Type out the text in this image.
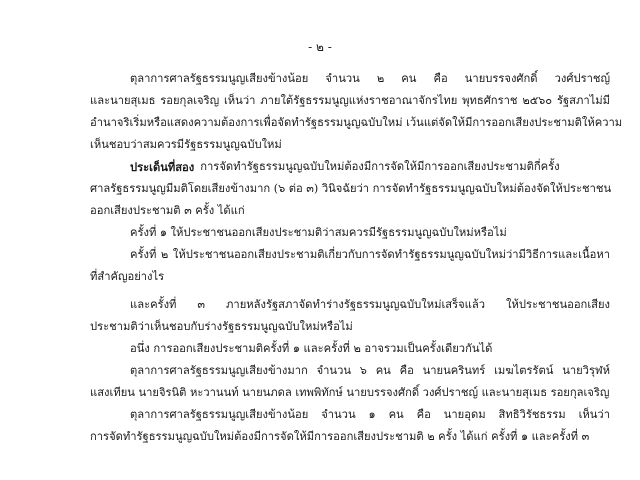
- ๒ -
ตุลาการศาลรัฐธรรมนูญเสียงข้างน้อย จำนวน ๒ คน คือ นายบรรจงศักดิ์ วงศ์ปราชญ์
และนายสุเมธ รอยกุลเจริญ เห็นว่า ภายใต้รัฐธรรมนูญแห่งราชอาณาจักรไทย พุทธศักราช ๒๕๖๐ รัฐสภาไม่มี
อำนาจริเริ่มหรือแสดงความต้องการเพื่อจัดทำรัฐธรรมนูญฉบับใหม่ เว้นแต่จัดให้มีการออกเสียงประชามติให้ความ
เห็นชอบว่าสมควรมีรัฐธรรมนูญฉบับใหม่
ประเด็นที่สอง การจัดทำรัฐธรรมนูญฉบับใหม่ต้องมีการจัดให้มีการออกเสียงประชามติกี่ครั้ง
ศาลรัฐธรรมนูญมีมติโดยเสียงข้างมาก (๖ ต่อ ๓) วินิจฉัยว่า การจัดทำรัฐธรรมนูญฉบับใหม่ต้องจัดให้ประชาชน
ออกเสียงประชามติ ๓ ครั้ง ได้แก่
ครั้งที่ ๑ ให้ประชาชนออกเสียงประชามติว่าสมควรมีรัฐธรรมนูญฉบับใหม่หรือไม่
ครั้งที่ ๒ ให้ประชาชนออกเสียงประชามติเกี่ยวกับการจัดทำรัฐธรรมนูญฉบับใหม่ว่ามีวิธีการและเนื้อหา
ที่สำคัญอย่างไร
และครั้งที่ ๓ ภายหลังรัฐสภาจัดทำร่างรัฐธรรมนูญฉบับใหม่เสร็จแล้ว ให้ประชาชนออกเสียง
ประชามติว่าเห็นชอบกับร่างรัฐธรรมนูญฉบับใหม่หรือไม่
อนึ่ง การออกเสียงประชามติครั้งที่ ๑ และครั้งที่ ๒ อาจรวมเป็นครั้งเดียวกันได้
ตุลาการศาลรัฐธรรมนูญเสียงข้างมาก จำนวน ๖ คน คือ นายนครินทร์ เมฆไตรรัตน์ นายวิรุฬห์
แสงเทียน นายจิรนิติ หะวานนท์ นายนภดล เทพพิทักษ์ นายบรรจงศักดิ์ วงศ์ปราชญ์ และนายสุเมธ รอยกุลเจริญ
ตุลาการศาลรัฐธรรมนูญเสียงข้างน้อย จำนวน ๑ คน คือ นายอุดม สิทธิวิรัชธรรม เห็นว่า
การจัดทำรัฐธรรมนูญฉบับใหม่ต้องมีการจัดให้มีการออกเสียงประชามติ ๒ ครั้ง ได้แก่ ครั้งที่ ๑ และครั้งที่ ๓
